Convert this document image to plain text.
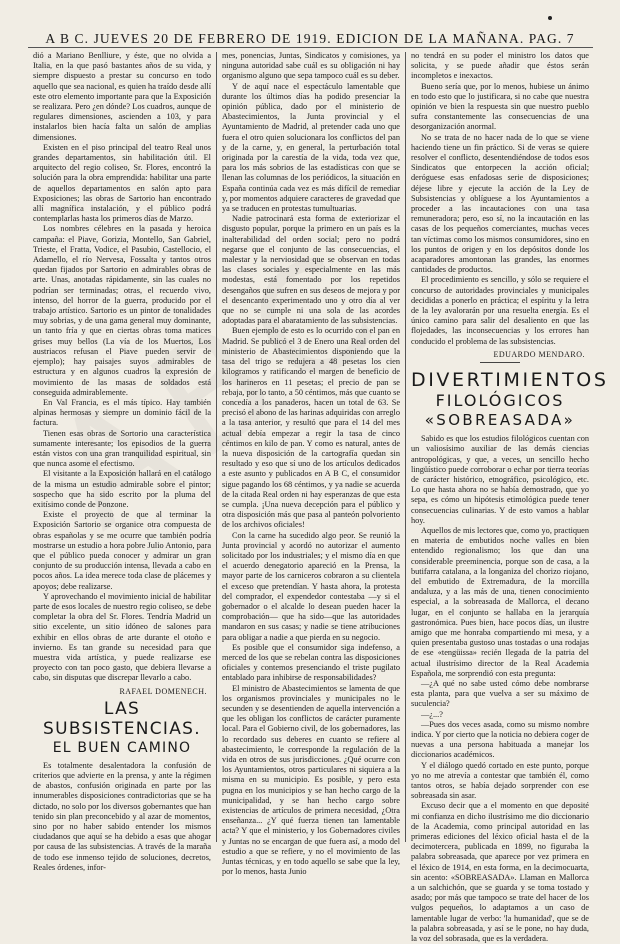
A B C. JUEVES 20 DE FEBRERO DE 1919. EDICION DE LA MAÑANA. PAG. 7

dió a Mariano Benlliure, y éste, que no olvida a Italia, en la que pasó bastantes años de su vida, y siempre dispuesto a prestar su concurso en todo aquello que sea nacional, es quien ha traído desde allí este otro elemento importante para que la Exposición se realizara. Pero ¿en dónde? Los cuadros, aunque de regulares dimensiones, ascienden a 103, y para instalarlos bien hacía falta un salón de amplias dimensiones.

Existen en el piso principal del teatro Real unos grandes departamentos, sin habilitación útil. El arquitecto del regio coliseo, Sr. Flores, encontró la solución para la obra emprendida: habilitar una parte de aquellos departamentos en salón apto para Exposiciones; las obras de Sartorio han encontrado allí magnífica instalación, y el público podrá contemplarlas hasta los primeros días de Marzo.

Los nombres célebres en la pasada y heroica campaña: el Piave, Gorizia, Montello, San Gabriel, Trieste, el Fratta, Vodice, el Pasubio, Castellocio, el Adamello, el río Nervesa, Fossalta y tantos otros quedan fijados por Sartorio en admirables obras de arte. Unas, anotadas rápidamente, sin las cuales no podrían ser terminadas; otras, el recuerdo vivo, intenso, del horror de la guerra, producido por el trabajo artístico. Sartorio es un pintor de tonalidades muy sobrias, y de una gama general muy dominante, un tanto fría y que en ciertas obras toma matices grises muy bellos (La vía de los Muertos, Los austriacos refusan el Piave pueden servir de ejemplo); hay paisajes suyos admirables de estructura y en algunos cuadros la expresión de movimiento de las masas de soldados está conseguida admirablemente.

En Val Francia, es el más típico. Hay también alpinas hermosas y siempre un dominio fácil de la factura.

Tienen esas obras de Sortorio una característica sumamente interesante; los episodios de la guerra están vistos con una gran tranquilidad espiritual, sin que nunca asome el efectismo.

El visitante a la Exposición hallará en el catálogo de la misma un estudio admirable sobre el pintor; sospecho que ha sido escrito por la pluma del exitísimo conde de Ponzone.

Existe el proyecto de que al terminar la Exposición Sartorio se organice otra compuesta de obras españolas y se me ocurre que también podría mostrarse un estudio a hora pobre Julio Antonio, para que el público pueda conocer y admirar un gran conjunto de su producción intensa, llevada a cabo en pocos años. La idea merece toda clase de plácemes y apoyos; debe realizarse.

Y aprovechando el movimiento inicial de habilitar parte de esos locales de nuestro regio coliseo, se debe completar la obra del Sr. Flores. Tendría Madrid un sitio excelente, un sitio idóneo de salones para exhibir en ellos obras de arte durante el otoño e invierno. Es tan grande su necesidad para que muestra vida artística, y puede realizarse ese proyecto con tan poco gasto, que debiera llevarse a cabo, sin disputas que discrepar llevarlo a cabo.

RAFAEL DOMENECH.
LAS SUBSISTENCIAS.
EL BUEN CAMINO

Es totalmente desalentadora la confusión de criterios que advierte en la prensa, y ante la régimen de abastos, confusión originada en parte por las innumerables disposiciones contradictorias que se ha dictado, no solo por los diversos gobernantes que han tenido sin plan preconcebido y al azar de momentos, sino por no haber sabido entender los mismos ciudadanos que aquí se ha debido a esas que ahogar por causa de las subsistencias. A través de la maraña de todo ese inmenso tejido de soluciones, decretos, Reales órdenes, infor-

mes, ponencias, Juntas, Sindicatos y comisiones, ya ninguna autoridad sabe cuál es su obligación ni hay organismo alguno que sepa tampoco cuál es su deber.

Y de aquí nace el espectáculo lamentable que durante los últimos días ha podido presenciar la opinión pública, dado por el ministerio de Abastecimientos, la Junta provincial y el Ayuntamiento de Madrid, al pretender cada uno que fuera el otro quien solucionara los conflictos del pan y de la carne, y, en general, la perturbación total originada por la carestía de la vida, toda vez que, para los más sobrios de las estadísticas con que se llenan las columnas de los periódicos, la situación en España continúa cada vez es más difícil de remediar y, por momentos adquiere caracteres de gravedad que ya se traducen en protestas tumultuarias.

Nadie patrocinará esta forma de exteriorizar el disgusto popular, porque la primero en un país es la inalterabilidad del orden social; pero no podrá negarse que el conjunto de las consecuencias, el malestar y la nerviosidad que se observan en todas las clases sociales y especialmente en las más modestas, está fomentado por los repetidos desengaños que sufren en sus deseos de mejora y por el desencanto experimentado uno y otro día al ver que no se cumple ni una sola de las acordes adoptadas para el abaratamiento de las subsistencias.

Buen ejemplo de esto es lo ocurrido con el pan en Madrid. Se publicó el 3 de Enero una Real orden del ministerio de Abastecimientos disponiendo que la tasa del trigo se redujera a 48 pesetas los cien kilogramos y ratificando el margen de beneficio de los harineros en 11 pesetas; el precio de pan se rebaja, por lo tanto, a 50 céntimos, más que cuanto se concedía a los panaderos, hacen un total de 63. Se precisó el abono de las harinas adquiridas con arreglo a la tasa anterior, y resultó que para el 14 del mes actual debía empezar a regir la tasa de cinco céntimos en kilo de pan. Y como es natural, antes de la nueva disposición de la cartografía quedan sin resultado y eso que sí uno de los artículos dedicados a este asunto y publicados en A B C, el consumidor sigue pagando los 68 céntimos, y ya nadie se acuerda de la citada Real orden ni hay esperanzas de que esta se cumpla. ¡Una nueva decepción para el público y otra disposición más que pasa al panteón polvoriento de los archivos oficiales!

Con la carne ha sucedido algo peor. Se reunió la Junta provincial y acordó no autorizar el aumento solicitado por los industriales; y el mismo día en que el acuerdo denegatorio apareció en la Prensa, la mayor parte de los carniceros cobraron a su clientela el exceso que pretendían. Y hasta ahora, la protesta del comprador, el expendedor contestaba —y si el gobernador o el alcalde lo desean pueden hacer la comprobación— que ha sido—que las autoridades mandaron en sus casas; y nadie se tiene atribuciones para obligar a nadie a que pierda en su negocio.

Es posible que el consumidor siga indefenso, a merced de los que se rebelan contra las disposiciones oficiales y contemos presenciando el triste pugilato entablado para inhibirse de responsabilidades?

El ministro de Abastecimientos se lamenta de que los organismos provinciales y municipales no le secunden y se desentienden de aquella intervención a que les obligan los conflictos de carácter puramente local. Para el Gobierno civil, de los gobernadores, las lo recordado sus deberes en cuanto se refiere al abastecimiento, le corresponde la regulación de la vida en otros de sus jurisdicciones. ¿Qué ocurre con los Ayuntamientos, otros particulares ni siquiera a la misma en su municipio. Es posible, y pero esta pugna en los municipios y se han hecho cargo de la municipalidad, y se han hecho cargo sobre existencias de artículos de primera necesidad, ¿Otra enseñanza... ¿Y qué fuerza tienen tan lamentable acta? Y que el ministerio, y los Gobernadores civiles y Juntas no se encargan de que fuera así, a modo del estudio a que se refiere, y no el movimiento de las Juntas técnicas, y en todo aquello se sabe que la ley, por lo menos, hasta Junio

no tendrá en su poder el ministro los datos que solicita, y se puede añadir que éstos serán incompletos e inexactos.

Bueno sería que, por lo menos, hubiese un ánimo en todo esto que lo justificara, si no cabe que nuestra opinión ve bien la respuesta sin que nuestro pueblo sufra constantemente las consecuencias de una desorganización anormal.

No se trata de no hacer nada de lo que se viene haciendo tiene un fin práctico. Si de veras se quiere resolver el conflicto, desentendiéndose de todos esos Sindicatos que entorpecen la acción oficial; deróguese esas enfadosas serie de disposiciones; déjese libre y ejecute la acción de la Ley de Subsistencias y oblíguese a los Ayuntamientos a proceder a las incautaciones con una tasa remuneradora; pero, eso sí, no la incautación en las casas de los pequeños comerciantes, muchas veces tan víctimas como los mismos consumidores, sino en los puntos de origen y en los depósitos donde los acaparadores amontonan las grandes, las enormes cantidades de productos.

El procedimiento es sencillo, y sólo se requiere el concurso de autoridades provinciales y municipales decididas a ponerlo en práctica; el espíritu y la letra de la ley avalorarán por una resuelta energía. Es el único camino para salir del desaliento en que las flojedades, las inconsecuencias y los errores han conducido el problema de las subsistencias.

EDUARDO MENDARO.
DIVERTIMIENTOS
FILOLÓGICOS
«SOBREASADA»

Sabido es que los estudios filológicos cuentan con un valiosísimo auxiliar de las demás ciencias antropológicas, y que, a veces, un sencillo hecho lingüístico puede corroborar o echar por tierra teorías de carácter histórico, etnográfico, psicológico, etc. Lo que hasta ahora no se había demostrado, que yo sepa, es cómo un hipótesis etimológica puede tener consecuencias culinarias. Y de esto vamos a hablar hoy.

Aquellos de mis lectores que, como yo, practiquen en materia de embutidos noche valles en bien entendido regionalismo; los que dan una considerable preeminencia, porque son de casa, a la butifarra catalana, a la longaniza del chorizo riojano, del embutido de Extremadura, de la morcilla andaluza, y a las más de una, tienen conocimiento especial, a la sobreasada de Mallorca, el decano lugar, en el conjunto se hallaba en la jerarquía gastronómica. Pues bien, hace pocos días, un ilustre amigo que me honraba compartiendo mi mesa, y a quien presentaba gustoso unas tostadas o una rodajas de ese «tengüissa» recién llegada de la patria del actual ilustrísimo director de la Real Academia Española, me sorprendió con esta pregunta:

—¿A qué no sabe usted cómo debe nombrarse esta planta, para que vuelva a ser su máximo de suculencia?

—¿...?

—Pues dos veces asada, como su mismo nombre indica. Y por cierto que la noticia no debiera coger de nuevas a una persona habituada a manejar los diccionarios académicos.

Y el diálogo quedó cortado en este punto, porque yo no me atrevía a contestar que también él, como tantos otros, se había dejado sorprender con ese sobreasada sin asar.

Excuso decir que a el momento en que deposité mi confianza en dicho ilustrísimo me dio diccionario de la Academia, como principal autoridad en las primeras ediciones del léxico oficial hasta el de la decimotercera, publicada en 1899, no figuraba la palabra sobreasada, que aparece por vez primera en el léxico de 1914, en esta forma, en la decimocuarta, sin acento: «SOBREASADA». Llaman en Mallorca a un salchichón, que se guarda y se toma tostado y asado; por más que tampoco se trate del hacer de los vulgos pequeños, lo adaptamos a un caso de lamentable lugar de verbo: 'la humanidad', que se de la palabra sobreasada, y así se le pone, no hay duda, la voz del sobrasada, que es la verdadera.
